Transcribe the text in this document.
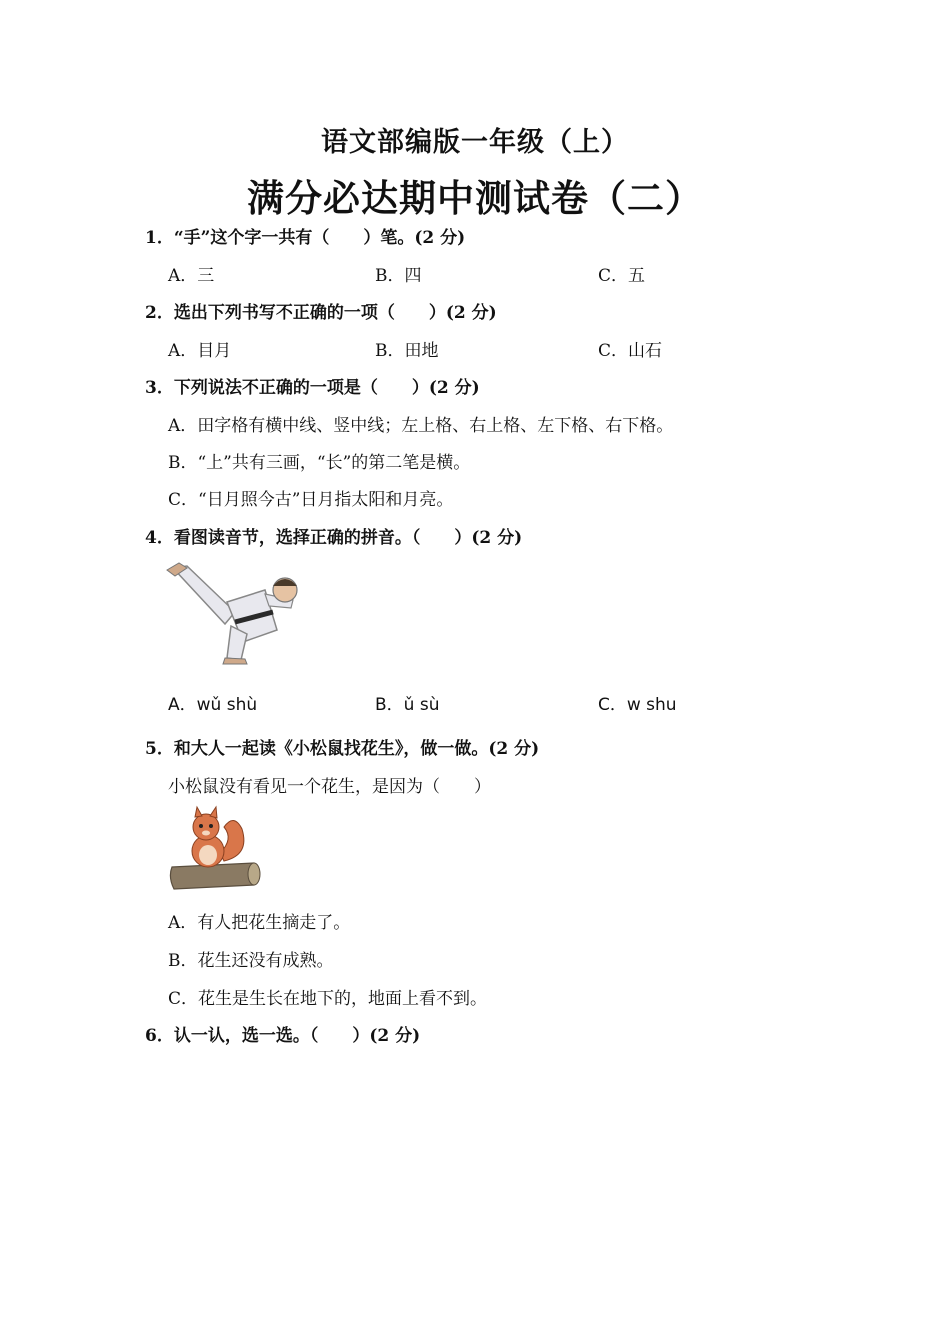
语文部编版一年级（上）
满分必达期中测试卷（二）
1．“手”这个字一共有（　　）笔。(2 分)
A．三	B．四	C．五
2．选出下列书写不正确的一项（　　）(2 分)
A．目月	B．田地	C．山石
3．下列说法不正确的一项是（　　）(2 分)
A．田字格有横中线、竖中线；左上格、右上格、左下格、右下格。
B．“上”共有三画，“长”的第二笔是横。
C．“日月照今古”日月指太阳和月亮。
4．看图读音节，选择正确的拼音。（　　）(2 分)
A．wǔ shù	B．ǔ sù	C．w shu
5．和大人一起读《小松鼠找花生》，做一做。(2 分)
小松鼠没有看见一个花生，是因为（　　）
A．有人把花生摘走了。
B．花生还没有成熟。
C．花生是生长在地下的，地面上看不到。
6．认一认，选一选。（　　）(2 分)
